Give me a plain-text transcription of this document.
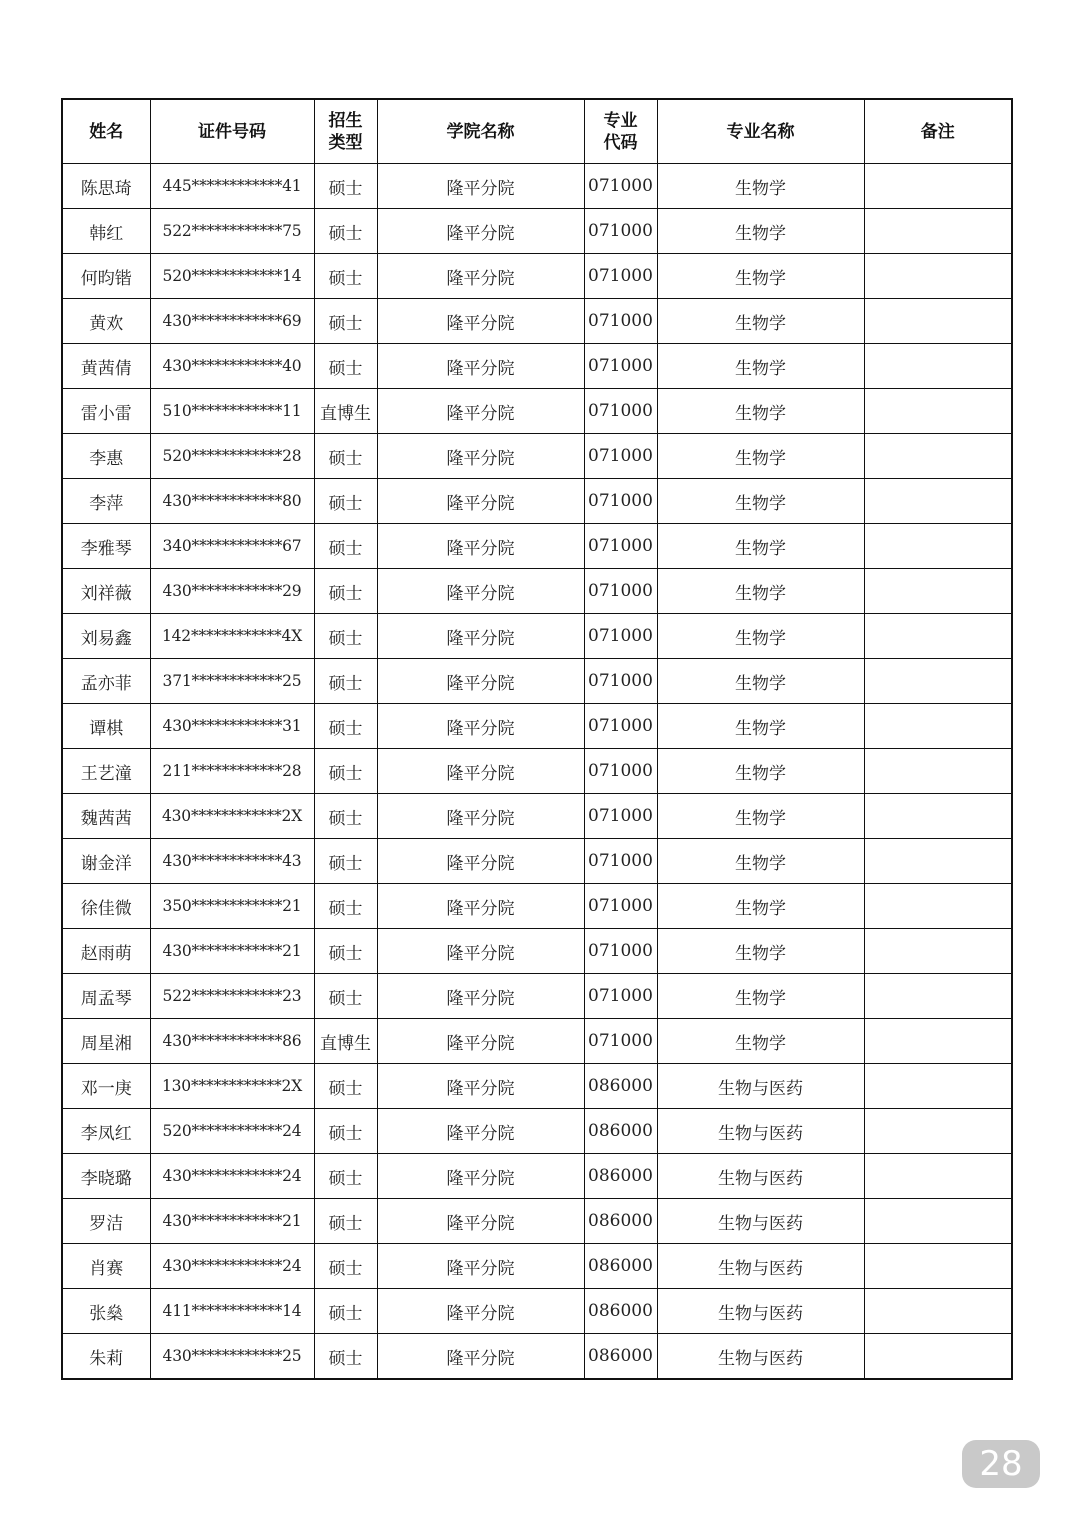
姓名	证件号码	招生类型	学院名称	专业代码	专业名称	备注
陈思琦	445************41	硕士	隆平分院	071000	生物学	
韩红	522************75	硕士	隆平分院	071000	生物学	
何昀锴	520************14	硕士	隆平分院	071000	生物学	
黄欢	430************69	硕士	隆平分院	071000	生物学	
黄茜倩	430************40	硕士	隆平分院	071000	生物学	
雷小雷	510************11	直博生	隆平分院	071000	生物学	
李惠	520************28	硕士	隆平分院	071000	生物学	
李萍	430************80	硕士	隆平分院	071000	生物学	
李雅琴	340************67	硕士	隆平分院	071000	生物学	
刘祥薇	430************29	硕士	隆平分院	071000	生物学	
刘易鑫	142************4X	硕士	隆平分院	071000	生物学	
孟亦菲	371************25	硕士	隆平分院	071000	生物学	
谭棋	430************31	硕士	隆平分院	071000	生物学	
王艺潼	211************28	硕士	隆平分院	071000	生物学	
魏茜茜	430************2X	硕士	隆平分院	071000	生物学	
谢金洋	430************43	硕士	隆平分院	071000	生物学	
徐佳微	350************21	硕士	隆平分院	071000	生物学	
赵雨萌	430************21	硕士	隆平分院	071000	生物学	
周孟琴	522************23	硕士	隆平分院	071000	生物学	
周星湘	430************86	直博生	隆平分院	071000	生物学	
邓一庚	130************2X	硕士	隆平分院	086000	生物与医药	
李凤红	520************24	硕士	隆平分院	086000	生物与医药	
李晓璐	430************24	硕士	隆平分院	086000	生物与医药	
罗洁	430************21	硕士	隆平分院	086000	生物与医药	
肖赛	430************24	硕士	隆平分院	086000	生物与医药	
张燊	411************14	硕士	隆平分院	086000	生物与医药	
朱莉	430************25	硕士	隆平分院	086000	生物与医药	
28
